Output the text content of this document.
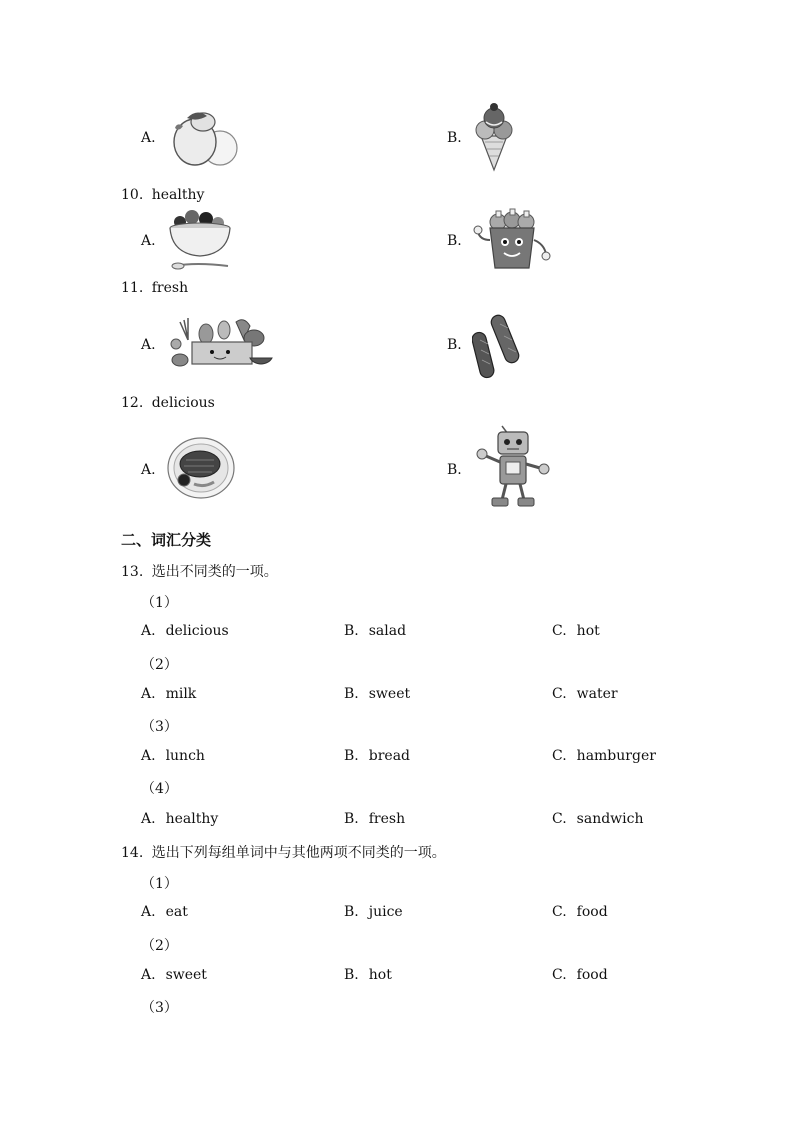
A.	B.
10. healthy
A.	B.
11. fresh
A.	B.
12. delicious
A.	B.
二、词汇分类
13. 选出不同类的一项。
（1）
A. delicious	B. salad	C. hot
（2）
A. milk	B. sweet	C. water
（3）
A. lunch	B. bread	C. hamburger
（4）
A. healthy	B. fresh	C. sandwich
14. 选出下列每组单词中与其他两项不同类的一项。
（1）
A. eat	B. juice	C. food
（2）
A. sweet	B. hot	C. food
（3）
